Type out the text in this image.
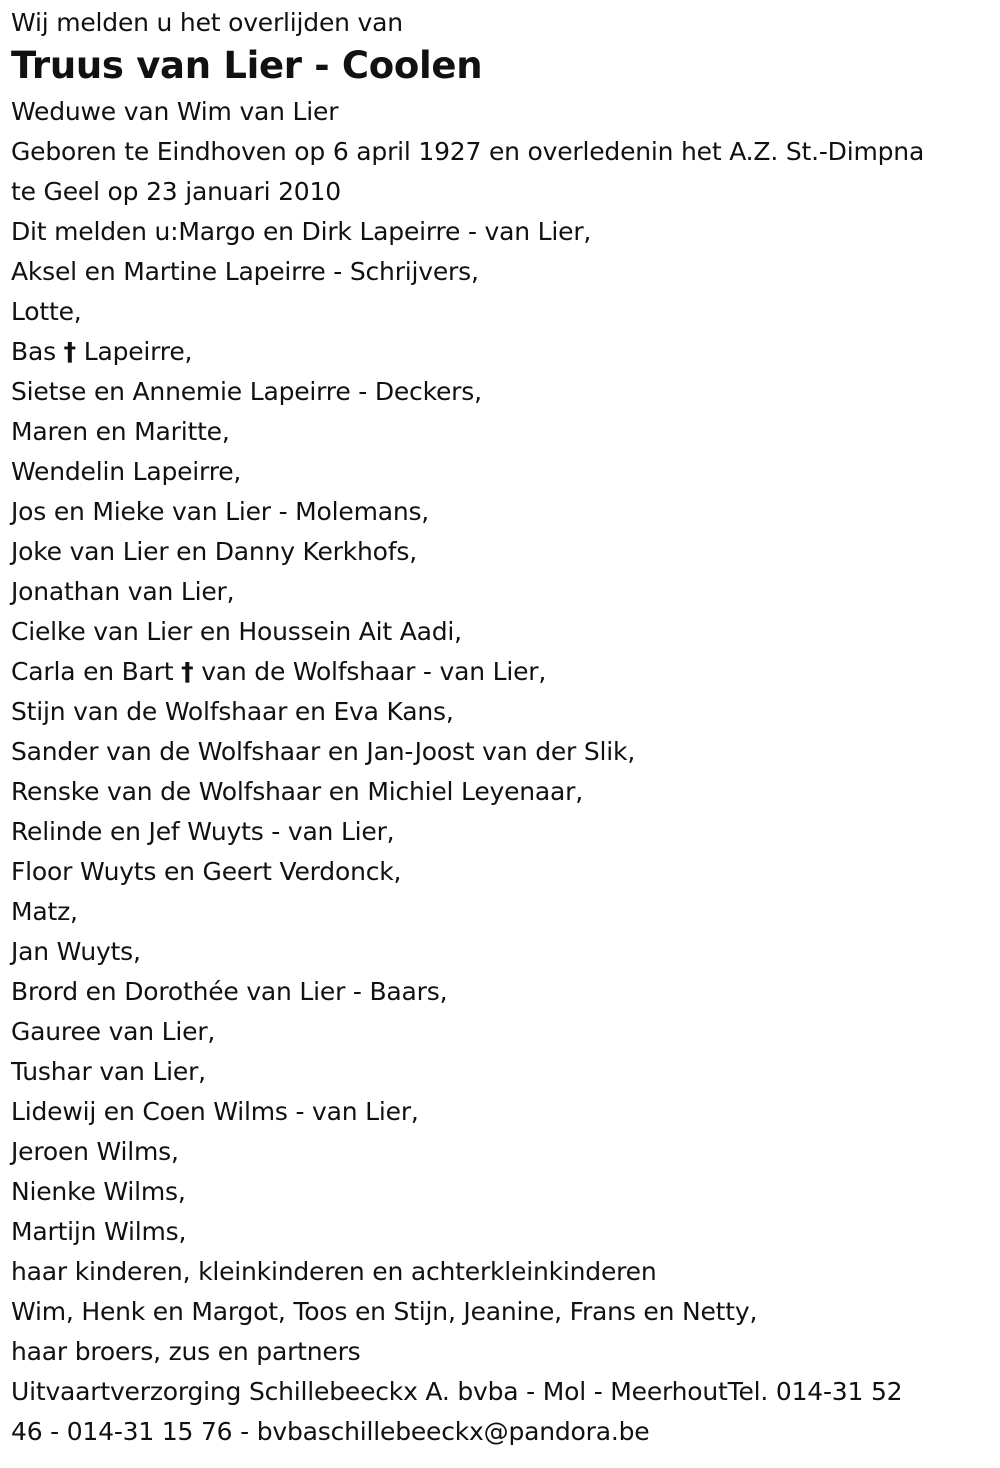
Wij melden u het overlijden van
Truus van Lier - Coolen
Weduwe van Wim van Lier
Geboren te Eindhoven op 6 april 1927 en overledenin het A.Z. St.-Dimpna
te Geel op 23 januari 2010
Dit melden u:Margo en Dirk Lapeirre - van Lier,
Aksel en Martine Lapeirre - Schrijvers,
Lotte,
Bas † Lapeirre,
Sietse en Annemie Lapeirre - Deckers,
Maren en Maritte,
Wendelin Lapeirre,
Jos en Mieke van Lier - Molemans,
Joke van Lier en Danny Kerkhofs,
Jonathan van Lier,
Cielke van Lier en Houssein Ait Aadi,
Carla en Bart † van de Wolfshaar - van Lier,
Stijn van de Wolfshaar en Eva Kans,
Sander van de Wolfshaar en Jan-Joost van der Slik,
Renske van de Wolfshaar en Michiel Leyenaar,
Relinde en Jef Wuyts - van Lier,
Floor Wuyts en Geert Verdonck,
Matz,
Jan Wuyts,
Brord en Dorothée van Lier - Baars,
Gauree van Lier,
Tushar van Lier,
Lidewij en Coen Wilms - van Lier,
Jeroen Wilms,
Nienke Wilms,
Martijn Wilms,
haar kinderen, kleinkinderen en achterkleinkinderen
Wim, Henk en Margot, Toos en Stijn, Jeanine, Frans en Netty,
haar broers, zus en partners
Uitvaartverzorging Schillebeeckx A. bvba - Mol - MeerhoutTel. 014-31 52
46 - 014-31 15 76 - bvbaschillebeeckx@pandora.be
